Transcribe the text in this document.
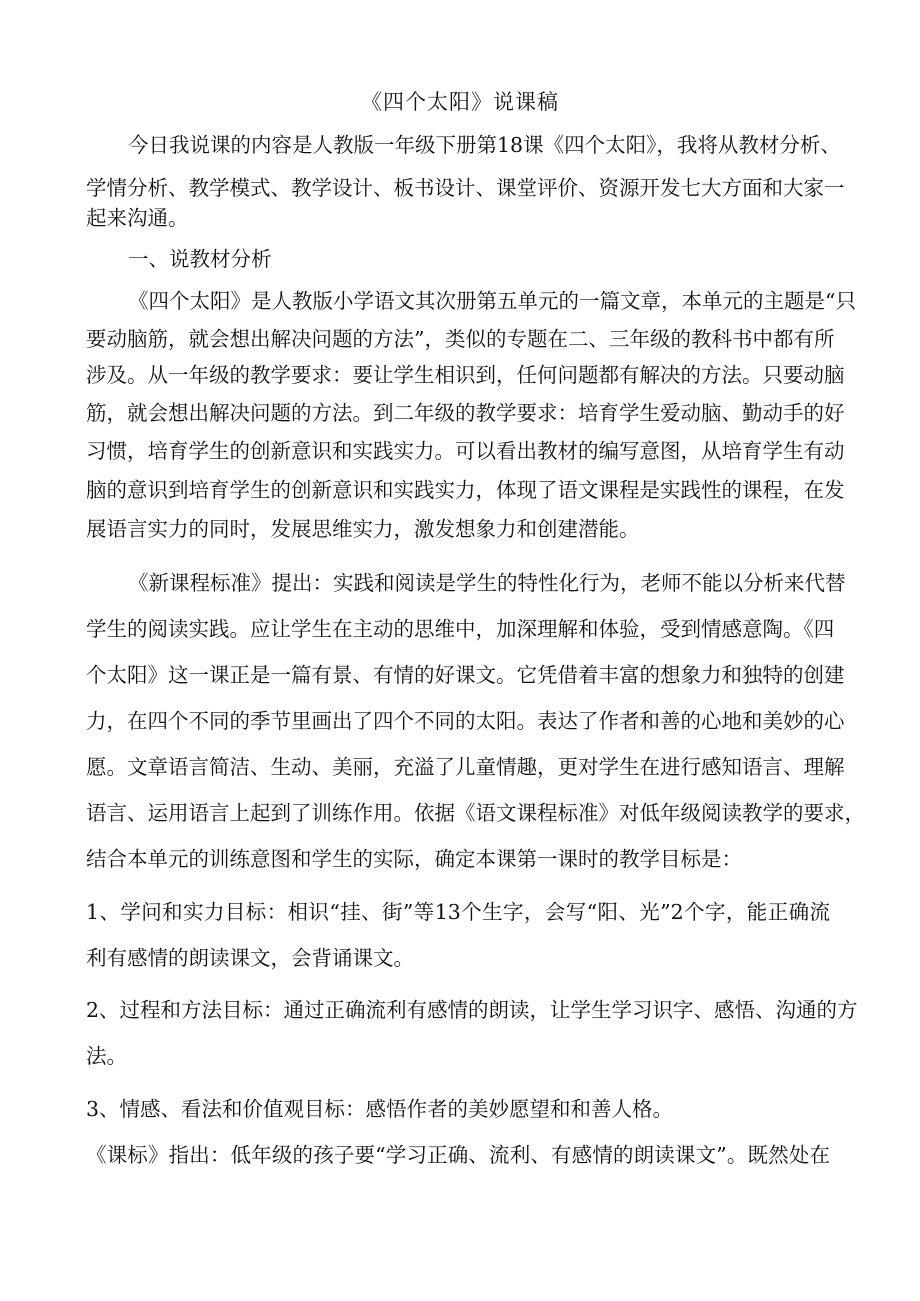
《四个太阳》说课稿
今日我说课的内容是人教版一年级下册第18课《四个太阳》，我将从教材分析、
学情分析、教学模式、教学设计、板书设计、课堂评价、资源开发七大方面和大家一
起来沟通。
一、说教材分析
《四个太阳》是人教版小学语文其次册第五单元的一篇文章，本单元的主题是“只
要动脑筋，就会想出解决问题的方法”，类似的专题在二、三年级的教科书中都有所
涉及。从一年级的教学要求：要让学生相识到，任何问题都有解决的方法。只要动脑
筋，就会想出解决问题的方法。到二年级的教学要求：培育学生爱动脑、勤动手的好
习惯，培育学生的创新意识和实践实力。可以看出教材的编写意图，从培育学生有动
脑的意识到培育学生的创新意识和实践实力，体现了语文课程是实践性的课程，在发
展语言实力的同时，发展思维实力，激发想象力和创建潜能。
《新课程标准》提出：实践和阅读是学生的特性化行为，老师不能以分析来代替
学生的阅读实践。应让学生在主动的思维中，加深理解和体验，受到情感意陶。《四
个太阳》这一课正是一篇有景、有情的好课文。它凭借着丰富的想象力和独特的创建
力，在四个不同的季节里画出了四个不同的太阳。表达了作者和善的心地和美妙的心
愿。文章语言简洁、生动、美丽，充溢了儿童情趣，更对学生在进行感知语言、理解
语言、运用语言上起到了训练作用。依据《语文课程标准》对低年级阅读教学的要求，
结合本单元的训练意图和学生的实际，确定本课第一课时的教学目标是：
1、学问和实力目标：相识“挂、街”等13个生字，会写“阳、光”2个字，能正确流
利有感情的朗读课文，会背诵课文。
2、过程和方法目标：通过正确流利有感情的朗读，让学生学习识字、感悟、沟通的方
法。
3、情感、看法和价值观目标：感悟作者的美妙愿望和和善人格。
《课标》指出：低年级的孩子要“学习正确、流利、有感情的朗读课文”。既然处在
